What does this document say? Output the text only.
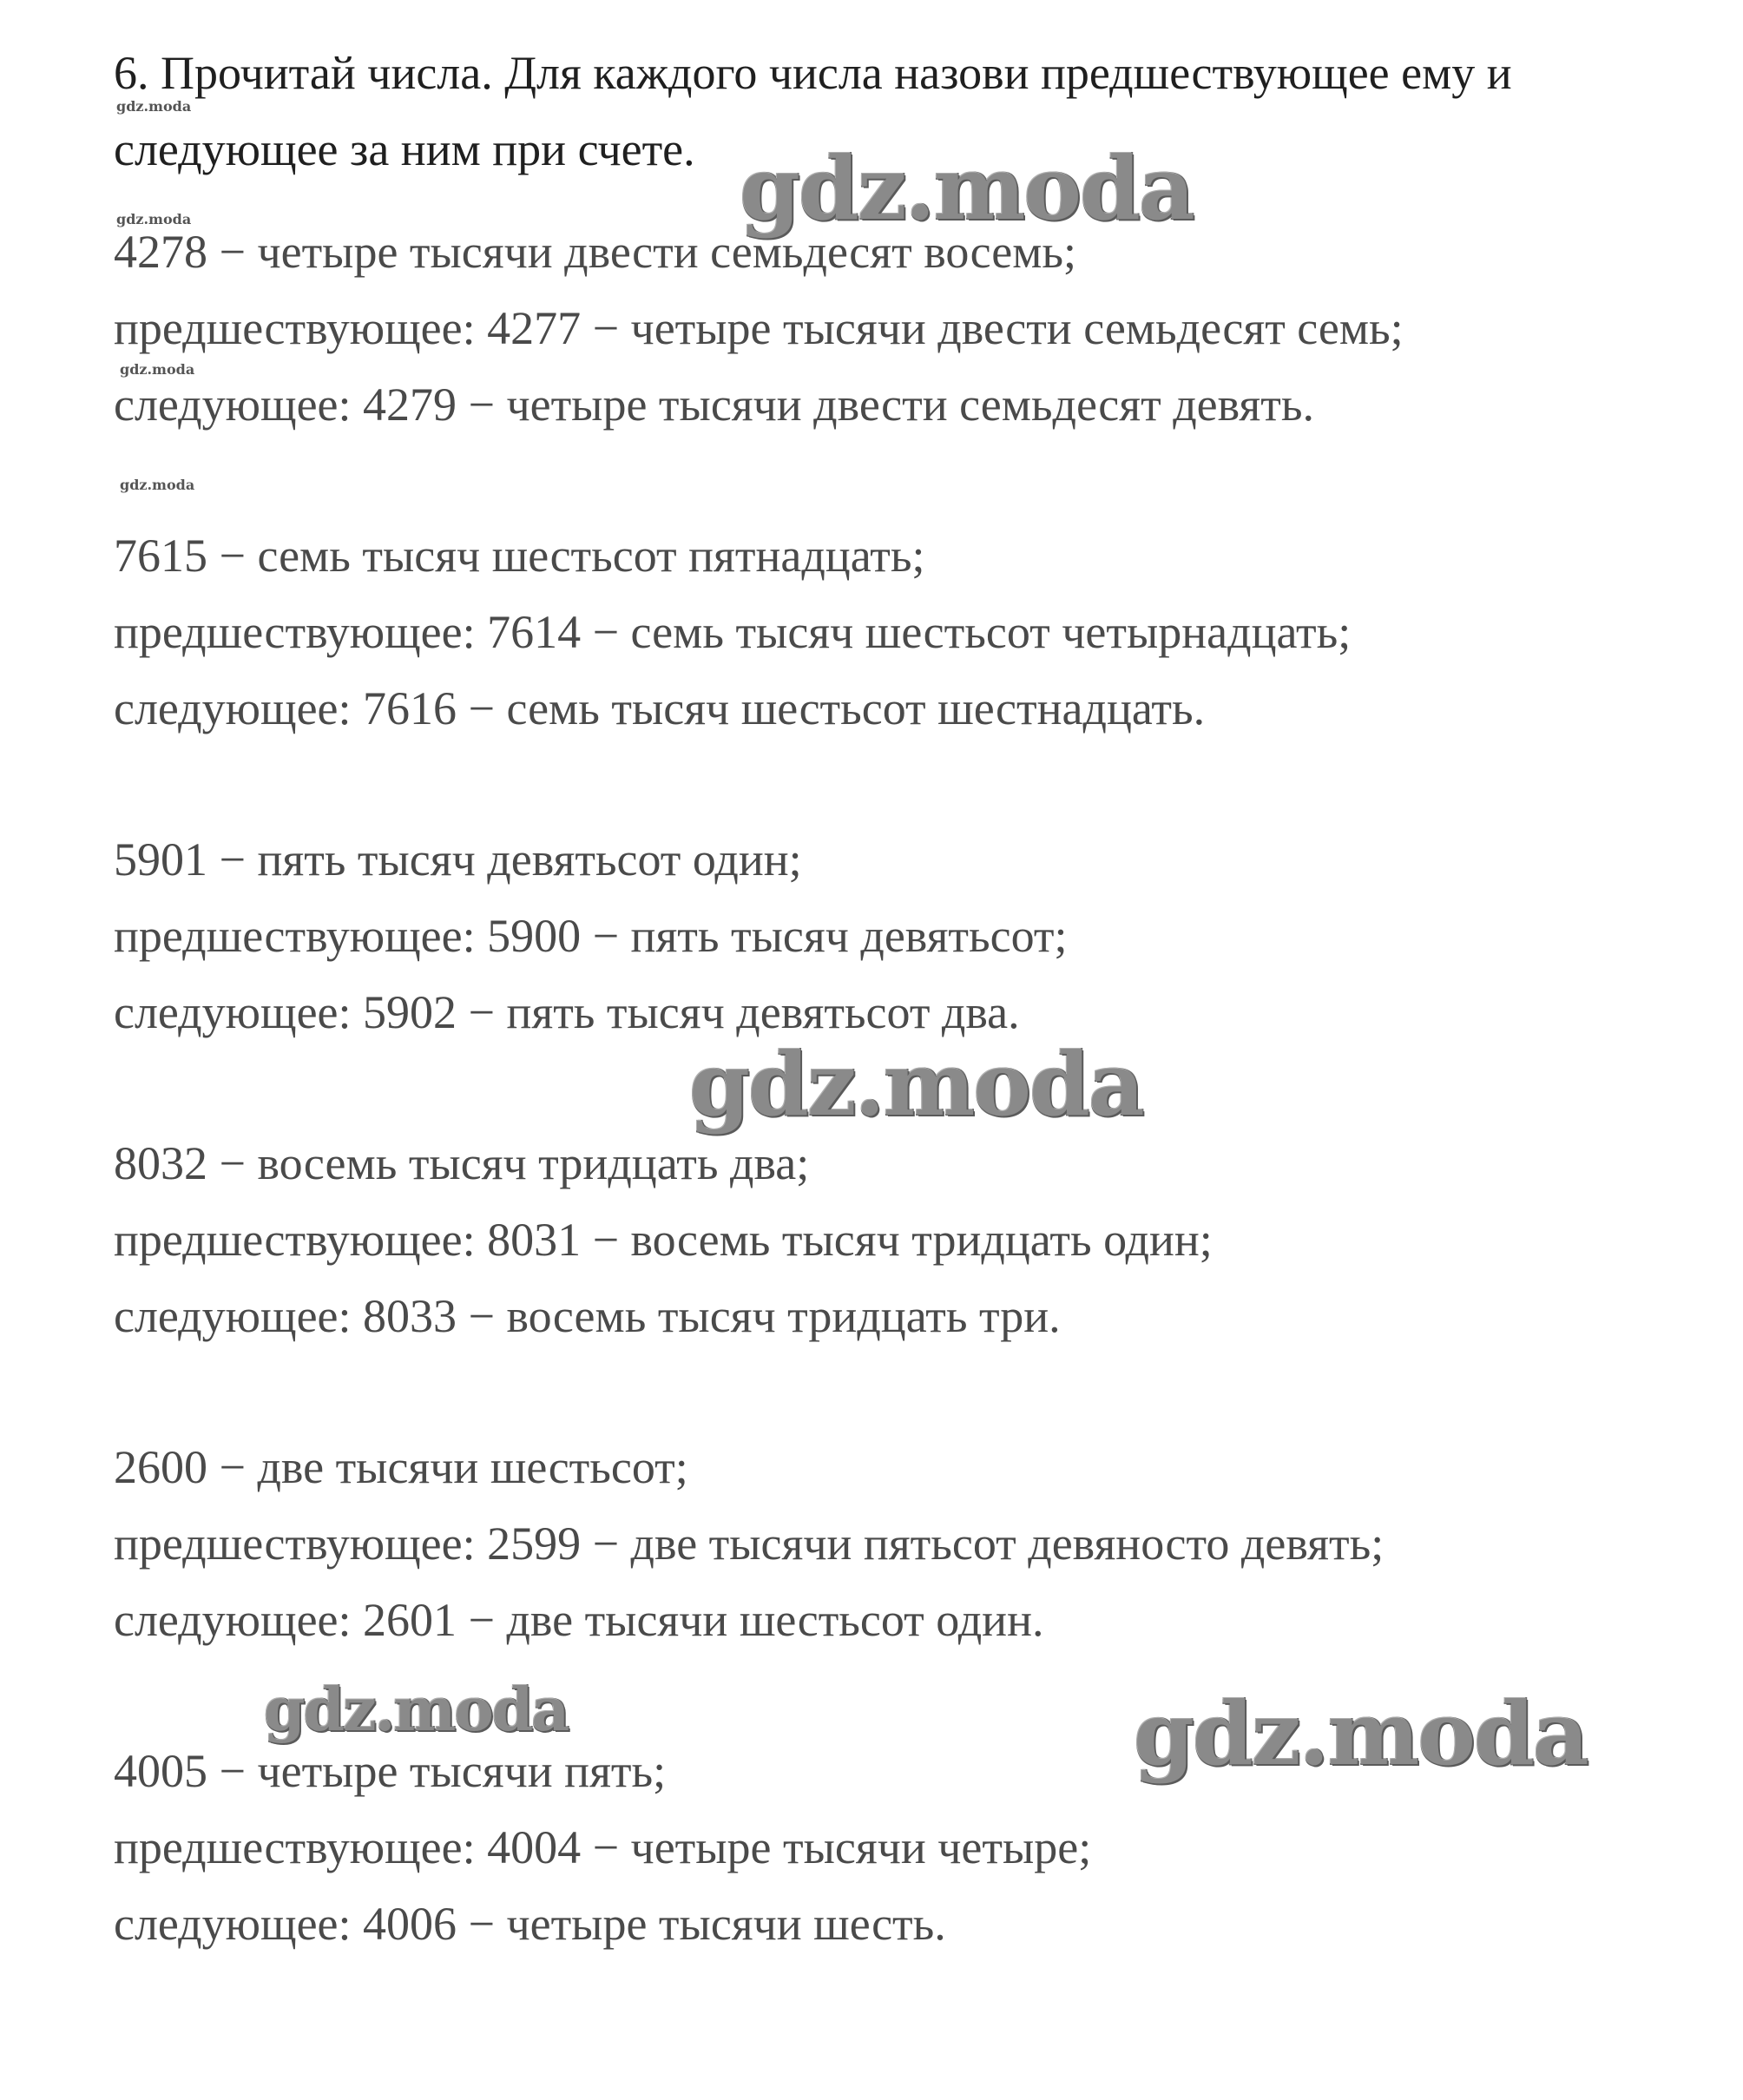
6. Прочитай числа. Для каждого числа назови предшествующее ему и
следующее за ним при счете.
4278 − четыре тысячи двести семьдесят восемь;
предшествующее: 4277 − четыре тысячи двести семьдесят семь;
следующее: 4279 − четыре тысячи двести семьдесят девять.
7615 − семь тысяч шестьсот пятнадцать;
предшествующее: 7614 − семь тысяч шестьсот четырнадцать;
следующее: 7616 − семь тысяч шестьсот шестнадцать.
5901 − пять тысяч девятьсот один;
предшествующее: 5900 − пять тысяч девятьсот;
следующее: 5902 − пять тысяч девятьсот два.
8032 − восемь тысяч тридцать два;
предшествующее: 8031 − восемь тысяч тридцать один;
следующее: 8033 − восемь тысяч тридцать три.
2600 − две тысячи шестьсот;
предшествующее: 2599 − две тысячи пятьсот девяносто девять;
следующее: 2601 − две тысячи шестьсот один.
4005 − четыре тысячи пять;
предшествующее: 4004 − четыре тысячи четыре;
следующее: 4006 − четыре тысячи шесть.
gdz.moda
gdz.moda
gdz.moda
gdz.moda
gdz.moda
gdz.moda
gdz.moda	gdz.moda
